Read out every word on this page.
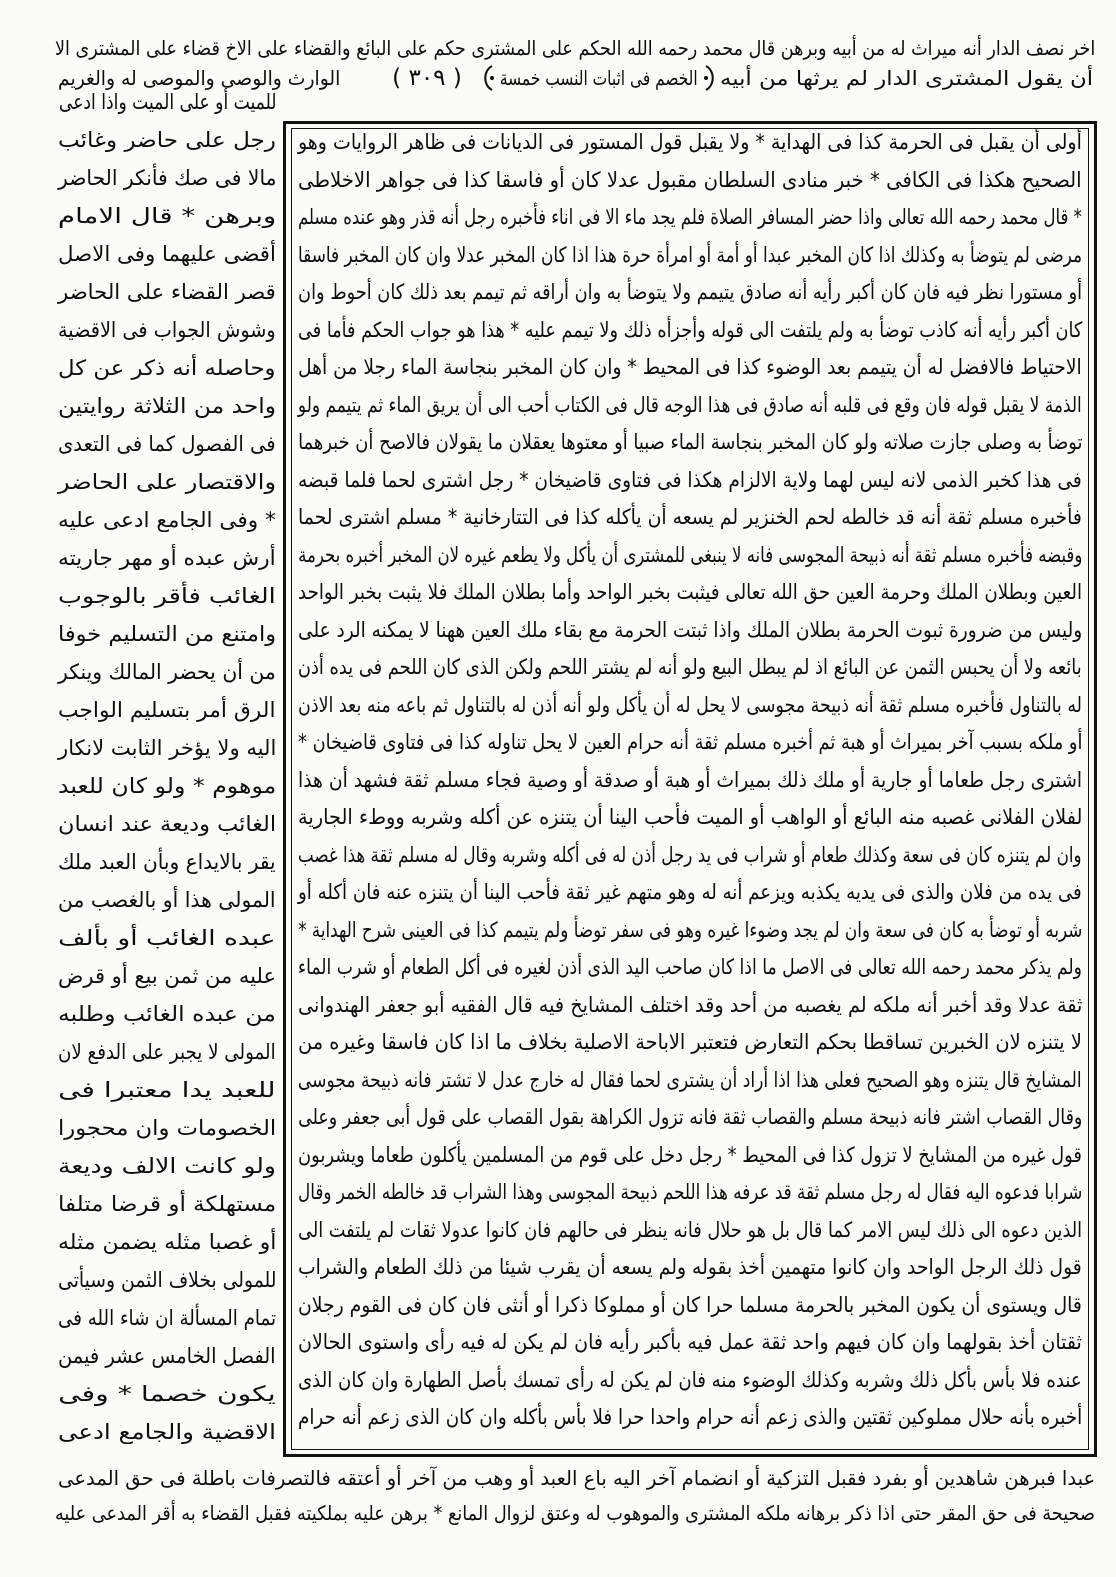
اخر نصف الدار أنه ميراث له من أبيه وبرهن قال محمد رحمه الله الحكم على المشترى حكم على البائع والقضاء على الاخ قضاء على المشترى الا
أن يقول المشترى الدار لم يرثها من أبيه
الخصم فى اثبات النسب خمسة
( ٣٠٩ )
الوارث والوصى والموصى له والغريم
أولى أن يقبل فى الحرمة كذا فى الهداية * ولا يقبل قول المستور فى الديانات فى ظاهر الروايات وهو
الصحيح هكذا فى الكافى * خبر منادى السلطان مقبول عدلا كان أو فاسقا كذا فى جواهر الاخلاطى
* قال محمد رحمه الله تعالى واذا حضر المسافر الصلاة فلم يجد ماء الا فى اناء فأخبره رجل أنه قذر وهو عنده مسلم
مرضى لم يتوضأ به وكذلك اذا كان المخبر عبدا أو أمة أو امرأة حرة هذا اذا كان المخبر عدلا وان كان المخبر فاسقا
أو مستورا نظر فيه فان كان أكبر رأيه أنه صادق يتيمم ولا يتوضأ به وان أراقه ثم تيمم بعد ذلك كان أحوط وان
كان أكبر رأيه أنه كاذب توضأ به ولم يلتفت الى قوله وأجزأه ذلك ولا تيمم عليه * هذا هو جواب الحكم فأما فى
الاحتياط فالافضل له أن يتيمم بعد الوضوء كذا فى المحيط * وان كان المخبر بنجاسة الماء رجلا من أهل
الذمة لا يقبل قوله فان وقع فى قلبه أنه صادق فى هذا الوجه قال فى الكتاب أحب الى أن يريق الماء ثم يتيمم ولو
توضأ به وصلى جازت صلاته ولو كان المخبر بنجاسة الماء صبيا أو معتوها يعقلان ما يقولان فالاصح أن خبرهما
فى هذا كخبر الذمى لانه ليس لهما ولاية الالزام هكذا فى فتاوى قاضيخان * رجل اشترى لحما فلما قبضه
فأخبره مسلم ثقة أنه قد خالطه لحم الخنزير لم يسعه أن يأكله كذا فى التتارخانية * مسلم اشترى لحما
وقبضه فأخبره مسلم ثقة أنه ذبيحة المجوسى فانه لا ينبغى للمشترى أن يأكل ولا يطعم غيره لان المخبر أخبره بحرمة
العين وبطلان الملك وحرمة العين حق الله تعالى فيثبت بخبر الواحد وأما بطلان الملك فلا يثبت بخبر الواحد
وليس من ضرورة ثبوت الحرمة بطلان الملك واذا ثبتت الحرمة مع بقاء ملك العين ههنا لا يمكنه الرد على
بائعه ولا أن يحبس الثمن عن البائع اذ لم يبطل البيع ولو أنه لم يشتر اللحم ولكن الذى كان اللحم فى يده أذن
له بالتناول فأخبره مسلم ثقة أنه ذبيحة مجوسى لا يحل له أن يأكل ولو أنه أذن له بالتناول ثم باعه منه بعد الاذن
أو ملكه بسبب آخر بميراث أو هبة ثم أخبره مسلم ثقة أنه حرام العين لا يحل تناوله كذا فى فتاوى قاضيخان *
اشترى رجل طعاما أو جارية أو ملك ذلك بميراث أو هبة أو صدقة أو وصية فجاء مسلم ثقة فشهد أن هذا
لفلان الفلانى غصبه منه البائع أو الواهب أو الميت فأحب الينا أن يتنزه عن أكله وشربه ووطء الجارية
وان لم يتنزه كان فى سعة وكذلك طعام أو شراب فى يد رجل أذن له فى أكله وشربه وقال له مسلم ثقة هذا غصب
فى يده من فلان والذى فى يديه يكذبه ويزعم أنه له وهو متهم غير ثقة فأحب الينا أن يتنزه عنه فان أكله أو
شربه أو توضأ به كان فى سعة وان لم يجد وضوءا غيره وهو فى سفر توضأ ولم يتيمم كذا فى العينى شرح الهداية *
ولم يذكر محمد رحمه الله تعالى فى الاصل ما اذا كان صاحب اليد الذى أذن لغيره فى أكل الطعام أو شرب الماء
ثقة عدلا وقد أخبر أنه ملكه لم يغصبه من أحد وقد اختلف المشايخ فيه قال الفقيه أبو جعفر الهندوانى
لا يتنزه لان الخبرين تساقطا بحكم التعارض فتعتبر الاباحة الاصلية بخلاف ما اذا كان فاسقا وغيره من
المشايخ قال يتنزه وهو الصحيح فعلى هذا اذا أراد أن يشترى لحما فقال له خارج عدل لا تشتر فانه ذبيحة مجوسى
وقال القصاب اشتر فانه ذبيحة مسلم والقصاب ثقة فانه تزول الكراهة بقول القصاب على قول أبى جعفر وعلى
قول غيره من المشايخ لا تزول كذا فى المحيط * رجل دخل على قوم من المسلمين يأكلون طعاما ويشربون
شرابا فدعوه اليه فقال له رجل مسلم ثقة قد عرفه هذا اللحم ذبيحة المجوسى وهذا الشراب قد خالطه الخمر وقال
الذين دعوه الى ذلك ليس الامر كما قال بل هو حلال فانه ينظر فى حالهم فان كانوا عدولا ثقات لم يلتفت الى
قول ذلك الرجل الواحد وان كانوا متهمين أخذ بقوله ولم يسعه أن يقرب شيئا من ذلك الطعام والشراب
قال ويستوى أن يكون المخبر بالحرمة مسلما حرا كان أو مملوكا ذكرا أو أنثى فان كان فى القوم رجلان
ثقتان أخذ بقولهما وان كان فيهم واحد ثقة عمل فيه بأكبر رأيه فان لم يكن له فيه رأى واستوى الحالان
عنده فلا بأس بأكل ذلك وشربه وكذلك الوضوء منه فان لم يكن له رأى تمسك بأصل الطهارة وان كان الذى
أخبره بأنه حلال مملوكين ثقتين والذى زعم أنه حرام واحدا حرا فلا بأس بأكله وان كان الذى زعم أنه حرام
للميت أو على الميت واذا ادعى
رجل على حاضر وغائب
مالا فى صك فأنكر الحاضر
وبرهن * قال الامام
أقضى عليهما وفى الاصل
قصر القضاء على الحاضر
وشوش الجواب فى الاقضية
وحاصله أنه ذكر عن كل
واحد من الثلاثة روايتين
فى الفصول كما فى التعدى
والاقتصار على الحاضر
* وفى الجامع ادعى عليه
أرش عبده أو مهر جاريته
الغائب فأقر بالوجوب
وامتنع من التسليم خوفا
من أن يحضر المالك وينكر
الرق أمر بتسليم الواجب
اليه ولا يؤخر الثابت لانكار
موهوم * ولو كان للعبد
الغائب وديعة عند انسان
يقر بالايداع وبأن العبد ملك
المولى هذا أو بالغصب من
عبده الغائب أو بألف
عليه من ثمن بيع أو قرض
من عبده الغائب وطلبه
المولى لا يجبر على الدفع لان
للعبد يدا معتبرا فى
الخصومات وان محجورا
ولو كانت الالف وديعة
مستهلكة أو قرضا متلفا
أو غصبا مثله يضمن مثله
للمولى بخلاف الثمن وسيأتى
تمام المسألة ان شاء الله فى
الفصل الخامس عشر فيمن
يكون خصما * وفى
الاقضية والجامع ادعى
عبدا فبرهن شاهدين أو بفرد فقبل التزكية أو انضمام آخر اليه باع العبد أو وهب من آخر أو أعتقه فالتصرفات باطلة فى حق المدعى
صحيحة فى حق المقر حتى اذا ذكر برهانه ملكه المشترى والموهوب له وعتق لزوال المانع * برهن عليه بملكيته فقبل القضاء به أقر المدعى عليه
